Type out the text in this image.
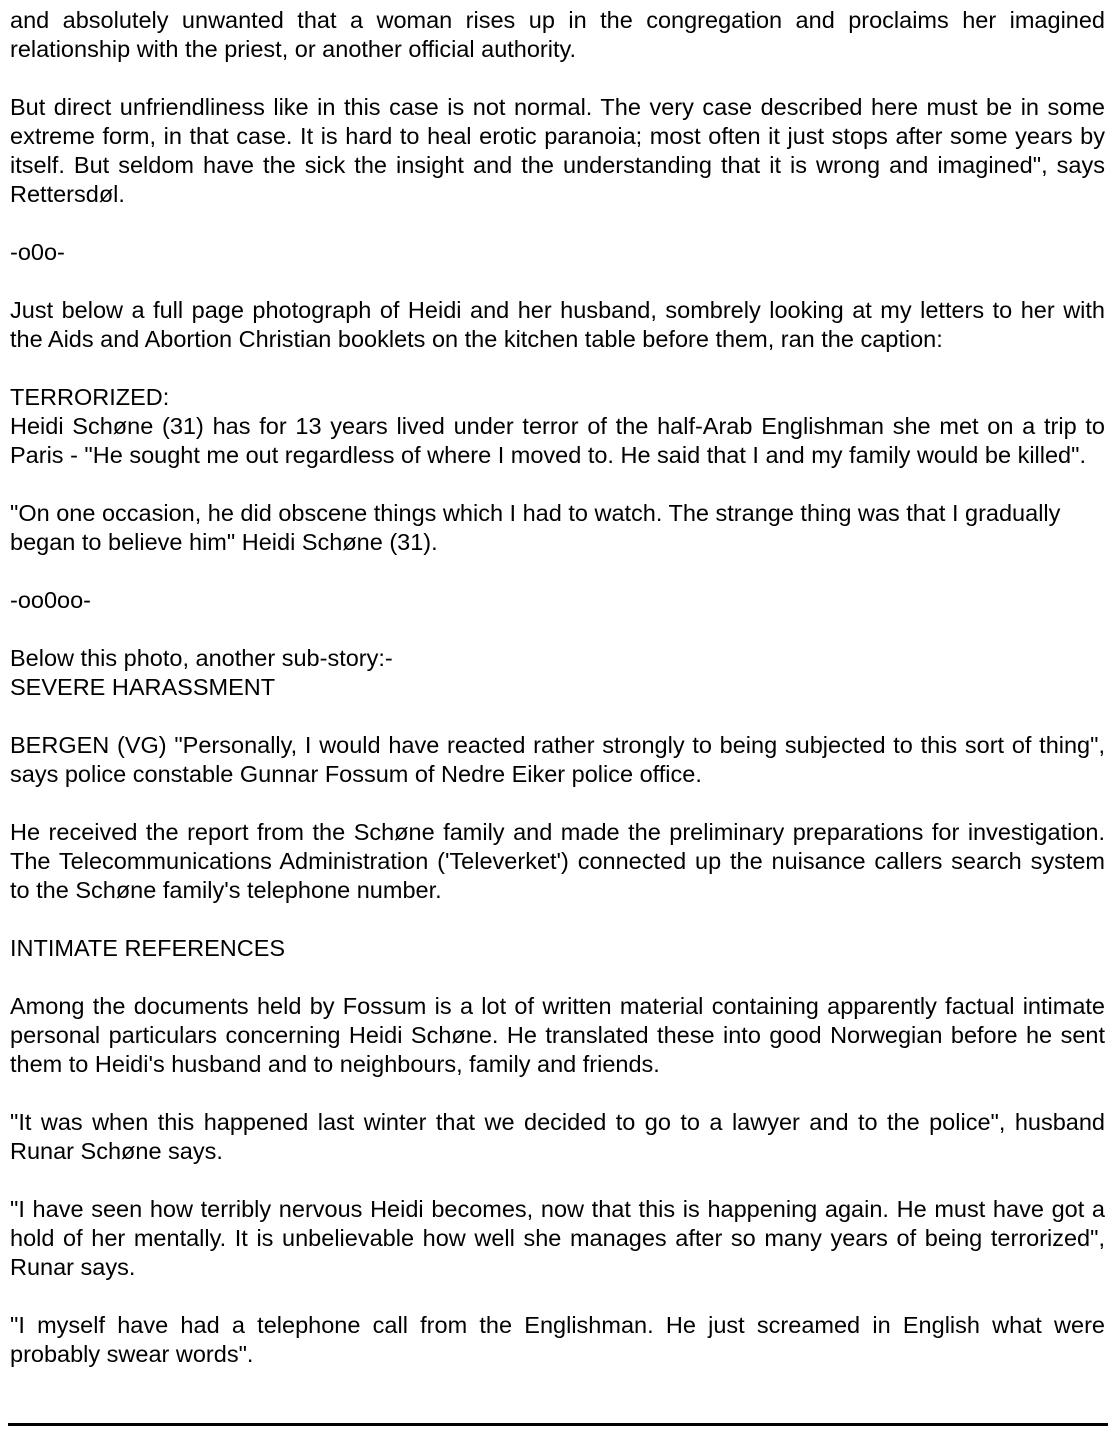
and absolutely unwanted that a woman rises up in the congregation and proclaims her imagined relationship with the priest, or another official authority.

But direct unfriendliness like in this case is not normal. The very case described here must be in some extreme form, in that case. It is hard to heal erotic paranoia; most often it just stops after some years by itself. But seldom have the sick the insight and the understanding that it is wrong and imagined", says Rettersdøl.

-o0o-

Just below a full page photograph of Heidi and her husband, sombrely looking at my letters to her with the Aids and Abortion Christian booklets on the kitchen table before them, ran the caption:

TERRORIZED:
Heidi Schøne (31) has for 13 years lived under terror of the half-Arab Englishman she met on a trip to Paris - "He sought me out regardless of where I moved to. He said that I and my family would be killed".

"On one occasion, he did obscene things which I had to watch. The strange thing was that I gradually began to believe him" Heidi Schøne (31).

-oo0oo-

Below this photo, another sub-story:-
SEVERE HARASSMENT

BERGEN (VG) "Personally, I would have reacted rather strongly to being subjected to this sort of thing", says police constable Gunnar Fossum of Nedre Eiker police office.

He received the report from the Schøne family and made the preliminary preparations for investigation. The Telecommunications Administration ('Televerket') connected up the nuisance callers search system to the Schøne family's telephone number.

INTIMATE REFERENCES

Among the documents held by Fossum is a lot of written material containing apparently factual intimate personal particulars concerning Heidi Schøne. He translated these into good Norwegian before he sent them to Heidi's husband and to neighbours, family and friends.

"It was when this happened last winter that we decided to go to a lawyer and to the police", husband Runar Schøne says.

"I have seen how terribly nervous Heidi becomes, now that this is happening again. He must have got a hold of her mentally. It is unbelievable how well she manages after so many years of being terrorized", Runar says.

"I myself have had a telephone call from the Englishman. He just screamed in English what were probably swear words".
